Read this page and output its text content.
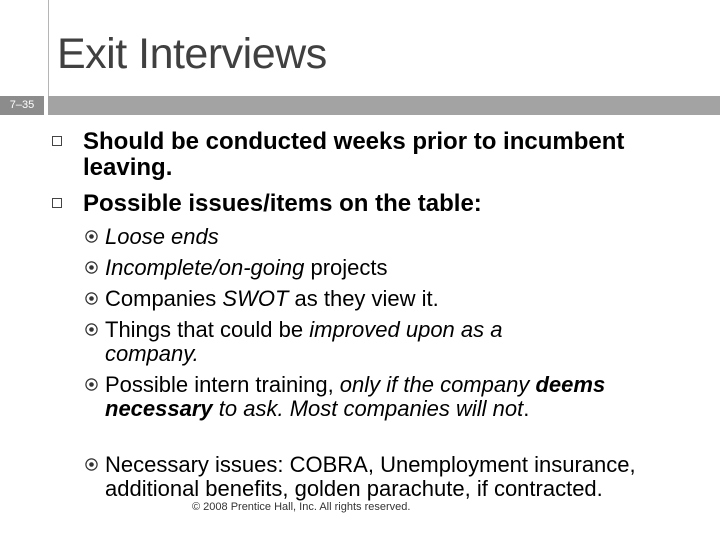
Exit Interviews
7–35
Should be conducted weeks prior to incumbent leaving.
Possible issues/items on the table:
Loose ends
Incomplete/on-going projects
Companies SWOT as they view it.
Things that could be improved upon as a company.
Possible intern training, only if the company deems necessary to ask. Most companies will not.
Necessary issues: COBRA, Unemployment insurance, additional benefits, golden parachute, if contracted.
© 2008 Prentice Hall, Inc. All rights reserved.
